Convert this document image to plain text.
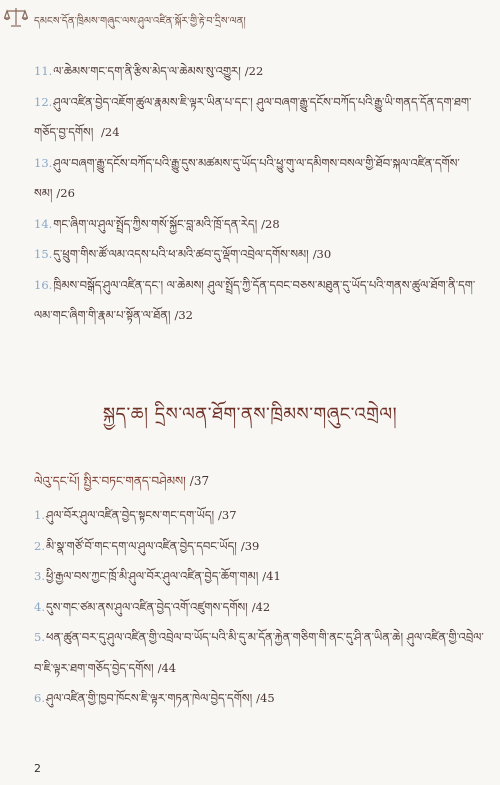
དམངས་དོན་ཁྲིམས་གཞུང་ལས་ཤུལ་འཛིན་སྐོར་གྱི་རྟེ་བ་དྲིས་ལན།
11.ལ་ཆེམས་གང་དག་ནི་རྩིས་མེད་ལ་ཆེམས་སུ་འགྱུར། /22
12.ཤུལ་འཛིན་བྱེད་འཇོག་ཚུལ་རྣམས་ཇི་ལྟར་ཡིན་པ་དང་། ཤུལ་བཞག་རྒྱུ་དངོས་བཀོད་པའི་རྒྱུ་ཡི་གནད་དོན་དག་ཐག་གཅོད་བྱ་དགོས། /24
13.ཤུལ་བཞག་རྒྱུ་དངོས་བཀོད་པའི་རྒྱུ་དུས་མཚམས་དུ་ཡོད་པའི་ཕྱུ་གུ་ལ་དམིགས་བསལ་གྱི་ཐོབ་སྐལ་འཛིན་དགོས་སམ། /26
14.གང་ཞིག་ལ་ཤུལ་སྤྲོད་ཀྱིས་གསོ་སྐྱོང་བླ་མའི་ཁྲོ་དན་རེད། /28
15.དུ་ཕྲུག་གིས་ཚོ་ལམ་འདས་པའི་ཕ་མའི་ཚབ་དུ་ལྡོག་འབྲེལ་དགོས་སམ། /30
16.ཁྲིམས་བསྒོད་ཤུལ་འཛིན་དང་། ལ་ཆེམས། ཤུལ་སྤྲོད་ཀྱི་དོན་དབང་བཅས་མཐུན་དུ་ཡོད་པའི་གནས་ཚུལ་ཐོག་ནི་དག་ལམ་གང་ཞིག་གི་རྣམ་པ་སྟོན་ལ་ཐོན། /32
སྐྱད་ཆ། དྲིས་ལན་ཐོག་ནས་ཁྲིམས་གཞུང་འགྲེལ།
ལེའུ་དང་པོ། སྤྱིར་བཏང་གནད་བཤེམས། /37
1.ཤུལ་བོར་ཤུལ་འཛིན་བྱེད་སྟངས་གང་དག་ཡོད། /37
2.མི་སྣ་གཙོ་བོ་གང་དག་ལ་ཤུལ་འཛིན་བྱེད་དབང་ཡོད། /39
3.ཕྱི་རྒྱལ་བས་ཀྱང་ཁྲོ་མི་ཤུལ་བོར་ཤུལ་འཛིན་བྱེད་ཆོག་གམ། /41
4.དུས་གང་ཙམ་ནས་ཤུལ་འཛིན་བྱེད་འགོ་འཛུགས་དགོས། /42
5.ཕན་ཚུན་བར་དུ་ཤུལ་འཛིན་གྱི་འབྲེལ་བ་ཡོད་པའི་མི་དུ་མ་དོན་རྐྱེན་གཅིག་གི་ནང་དུ་ཤི་ན་ཡིན་ཆེ། ཤུལ་འཛིན་གྱི་འབྲེལ་བ་ཇི་ལྟར་ཐག་གཅོད་བྱེད་དགོས། /44
6.ཤུལ་འཛིན་གྱི་ཁྱབ་ཁོངས་ཇི་ལྟར་གཏན་ཁེལ་བྱེད་དགོས། /45
2
